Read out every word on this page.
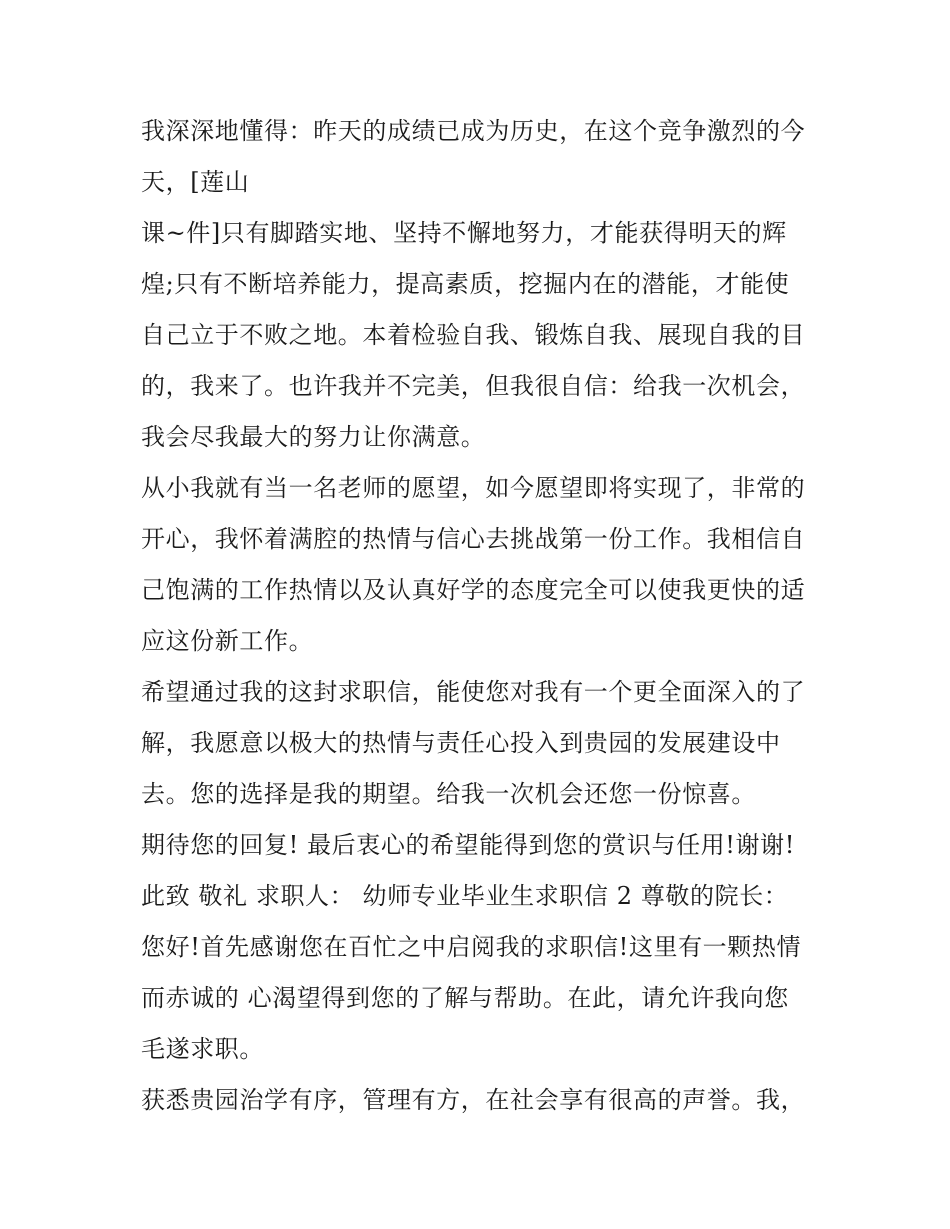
我深深地懂得：昨天的成绩已成为历史，在这个竞争激烈的今
天，[莲山
课~件]只有脚踏实地、坚持不懈地努力，才能获得明天的辉
煌;只有不断培养能力，提高素质，挖掘内在的潜能，才能使
自己立于不败之地。本着检验自我、锻炼自我、展现自我的目
的，我来了。也许我并不完美，但我很自信：给我一次机会，
我会尽我最大的努力让你满意。
从小我就有当一名老师的愿望，如今愿望即将实现了，非常的
开心，我怀着满腔的热情与信心去挑战第一份工作。我相信自
己饱满的工作热情以及认真好学的态度完全可以使我更快的适
应这份新工作。
希望通过我的这封求职信，能使您对我有一个更全面深入的了
解，我愿意以极大的热情与责任心投入到贵园的发展建设中
去。您的选择是我的期望。给我一次机会还您一份惊喜。
期待您的回复! 最后衷心的希望能得到您的赏识与任用!谢谢!
此致 敬礼 求职人： 幼师专业毕业生求职信 2 尊敬的院长：
您好!首先感谢您在百忙之中启阅我的求职信!这里有一颗热情
而赤诚的 心渴望得到您的了解与帮助。在此，请允许我向您
毛遂求职。
获悉贵园治学有序，管理有方，在社会享有很高的声誉。我，
